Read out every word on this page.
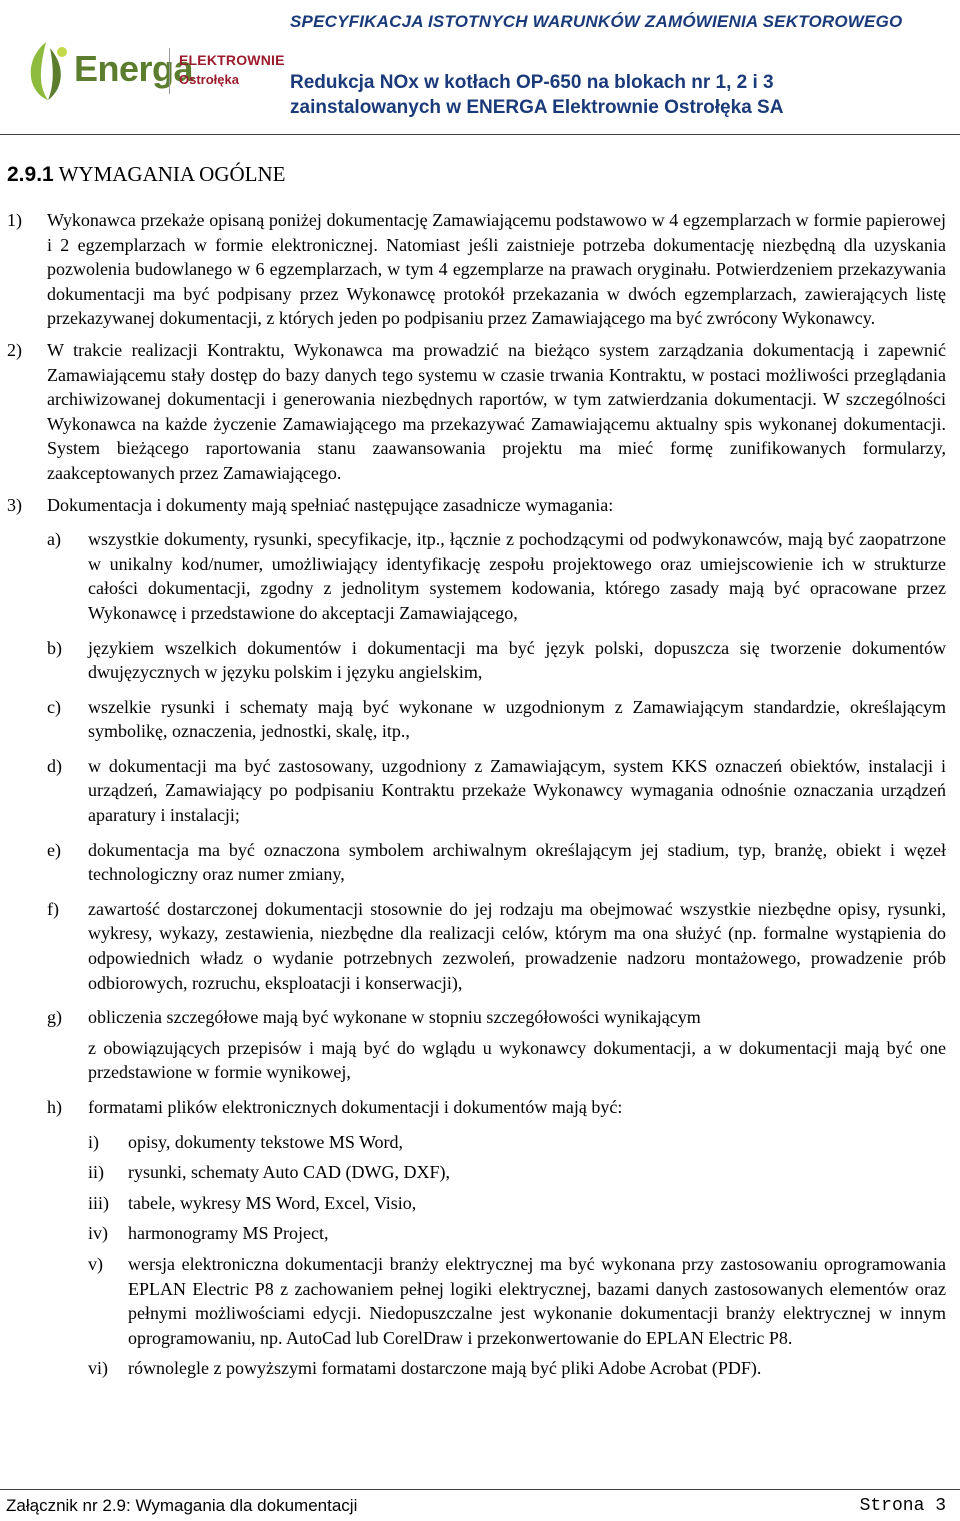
Energa
ELEKTROWNIE
Ostrołęka
SPECYFIKACJA ISTOTNYCH WARUNKÓW ZAMÓWIENIA SEKTOROWEGO
Redukcja NOx w kotłach OP-650 na blokach nr 1, 2 i 3
zainstalowanych w ENERGA Elektrownie Ostrołęka SA
2.9.1 WYMAGANIA OGÓLNE
1) Wykonawca przekaże opisaną poniżej dokumentację Zamawiającemu podstawowo w 4 egzemplarzach w formie papierowej i 2 egzemplarzach w formie elektronicznej. Natomiast jeśli zaistnieje potrzeba dokumentację niezbędną dla uzyskania pozwolenia budowlanego w 6 egzemplarzach, w tym 4 egzemplarze na prawach oryginału. Potwierdzeniem przekazywania dokumentacji ma być podpisany przez Wykonawcę protokół przekazania w dwóch egzemplarzach, zawierających listę przekazywanej dokumentacji, z których jeden po podpisaniu przez Zamawiającego ma być zwrócony Wykonawcy.

2) W trakcie realizacji Kontraktu, Wykonawca ma prowadzić na bieżąco system zarządzania dokumentacją i zapewnić Zamawiającemu stały dostęp do bazy danych tego systemu w czasie trwania Kontraktu, w postaci możliwości przeglądania archiwizowanej dokumentacji i generowania niezbędnych raportów, w tym zatwierdzania dokumentacji. W szczególności Wykonawca na każde życzenie Zamawiającego ma przekazywać Zamawiającemu aktualny spis wykonanej dokumentacji. System bieżącego raportowania stanu zaawansowania projektu ma mieć formę zunifikowanych formularzy, zaakceptowanych przez Zamawiającego.

3) Dokumentacja i dokumenty mają spełniać następujące zasadnicze wymagania:

a) wszystkie dokumenty, rysunki, specyfikacje, itp., łącznie z pochodzącymi od podwykonawców, mają być zaopatrzone w unikalny kod/numer, umożliwiający identyfikację zespołu projektowego oraz umiejscowienie ich w strukturze całości dokumentacji, zgodny z jednolitym systemem kodowania, którego zasady mają być opracowane przez Wykonawcę i przedstawione do akceptacji Zamawiającego,

b) językiem wszelkich dokumentów i dokumentacji ma być język polski, dopuszcza się tworzenie dokumentów dwujęzycznych w języku polskim i języku angielskim,

c) wszelkie rysunki i schematy mają być wykonane w uzgodnionym z Zamawiającym standardzie, określającym symbolikę, oznaczenia, jednostki, skalę, itp.,

d) w dokumentacji ma być zastosowany, uzgodniony z Zamawiającym, system KKS oznaczeń obiektów, instalacji i urządzeń, Zamawiający po podpisaniu Kontraktu przekaże Wykonawcy wymagania odnośnie oznaczania urządzeń aparatury i instalacji;

e) dokumentacja ma być oznaczona symbolem archiwalnym określającym jej stadium, typ, branżę, obiekt i węzeł technologiczny oraz numer zmiany,

f) zawartość dostarczonej dokumentacji stosownie do jej rodzaju ma obejmować wszystkie niezbędne opisy, rysunki, wykresy, wykazy, zestawienia, niezbędne dla realizacji celów, którym ma ona służyć (np. formalne wystąpienia do odpowiednich władz o wydanie potrzebnych zezwoleń, prowadzenie nadzoru montażowego, prowadzenie prób odbiorowych, rozruchu, eksploatacji i konserwacji),

g) obliczenia szczegółowe mają być wykonane w stopniu szczegółowości wynikającym

z obowiązujących przepisów i mają być do wglądu u wykonawcy dokumentacji, a w dokumentacji mają być one przedstawione w formie wynikowej,

h) formatami plików elektronicznych dokumentacji i dokumentów mają być:

i) opisy, dokumenty tekstowe MS Word,

ii) rysunki, schematy Auto CAD (DWG, DXF),

iii) tabele, wykresy MS Word, Excel, Visio,

iv) harmonogramy MS Project,

v) wersja elektroniczna dokumentacji branży elektrycznej ma być wykonana przy zastosowaniu oprogramowania EPLAN Electric P8 z zachowaniem pełnej logiki elektrycznej, bazami danych zastosowanych elementów oraz pełnymi możliwościami edycji. Niedopuszczalne jest wykonanie dokumentacji branży elektrycznej w innym oprogramowaniu, np. AutoCad lub CorelDraw i przekonwertowanie do EPLAN Electric P8.

vi) równolegle z powyższymi formatami dostarczone mają być pliki Adobe Acrobat (PDF).

Załącznik nr 2.9: Wymagania dla dokumentacji	Strona 3
